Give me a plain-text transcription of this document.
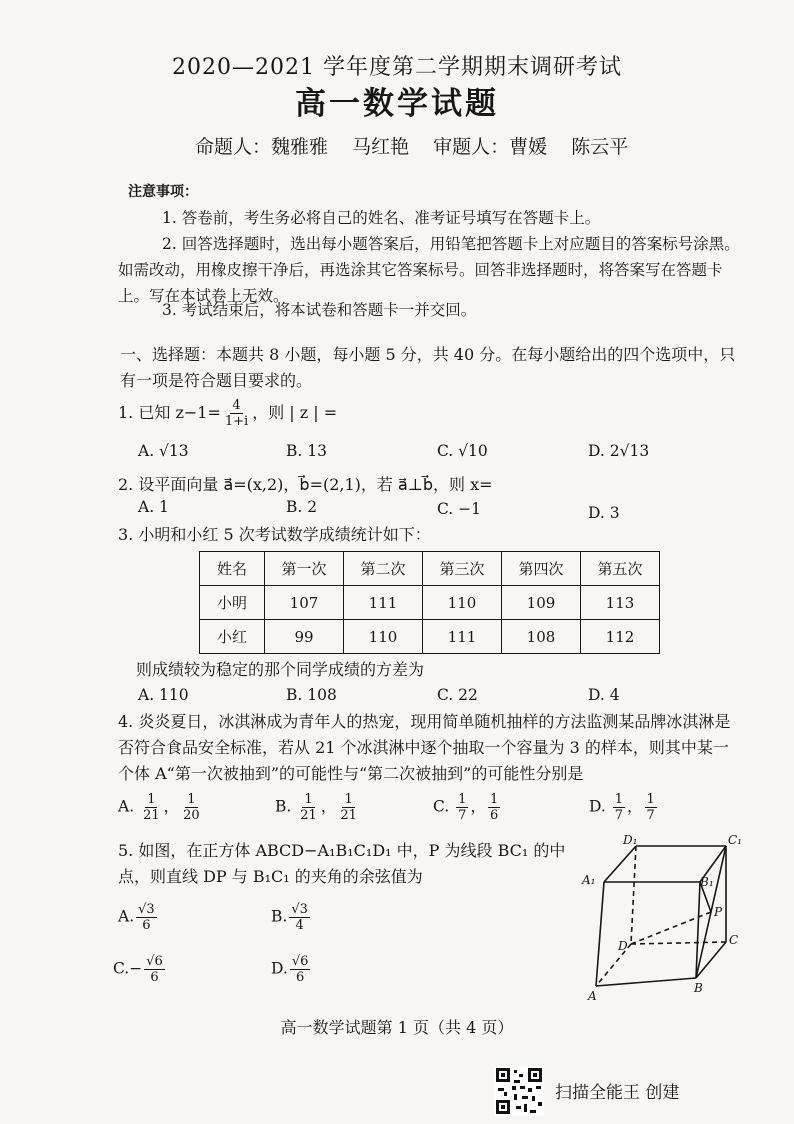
2020—2021 学年度第二学期期末调研考试
高一数学试题
命题人：魏雅雅 马红艳 审题人：曹媛 陈云平
注意事项：
1. 答卷前，考生务必将自己的姓名、准考证号填写在答题卡上。
2. 回答选择题时，选出每小题答案后，用铅笔把答题卡上对应题目的答案标号涂黑。如需改动，用橡皮擦干净后，再选涂其它答案标号。回答非选择题时，将答案写在答题卡上。写在本试卷上无效。
3. 考试结束后，将本试卷和答题卡一并交回。
一、选择题：本题共 8 小题，每小题 5 分，共 40 分。在每小题给出的四个选项中，只有一项是符合题目要求的。
1. 已知 $z-1= \frac{4}{1+i}$ ，则 | z | =
A. √13	B. 13	C. √10	D. 2√13
2. 设平面向量 a⃗=(x,2)，b⃗=(2,1)，若 a⃗⊥b⃗，则 x=
A. 1	B. 2	C. −1	D. 3
3. 小明和小红 5 次考试数学成绩统计如下：
姓名	第一次	第二次	第三次	第四次	第五次
小明	107	111	110	109	113
小红	99	110	111	108	112
则成绩较为稳定的那个同学成绩的方差为
A. 110	B. 108	C. 22	D. 4
4. 炎炎夏日，冰淇淋成为青年人的热宠，现用简单随机抽样的方法监测某品牌冰淇淋是否符合食品安全标准，若从 21 个冰淇淋中逐个抽取一个容量为 3 的样本，则其中某一个体 A“第一次被抽到”的可能性与“第二次被抽到”的可能性分别是
A. $\frac{1}{21}$ ， $\frac{1}{20}$	B. $\frac{1}{21}$ ， $\frac{1}{21}$	C. $\frac{1}{7}$ ， $\frac{1}{6}$	D. $\frac{1}{7}$ ， $\frac{1}{7}$
5. 如图，在正方体 ABCD−A₁B₁C₁D₁ 中，P 为线段 BC₁ 的中点，则直线 DP 与 B₁C₁ 的夹角的余弦值为
A. $\frac{√3}{6}$	B. $\frac{√3}{4}$
$C.- \frac{√6}{6}$	D. $\frac{√6}{6}$
D₁	C₁
A₁	B₁
P
D	C
A
B
高一数学试题第 1 页（共 4 页）
扫描全能王 创建
